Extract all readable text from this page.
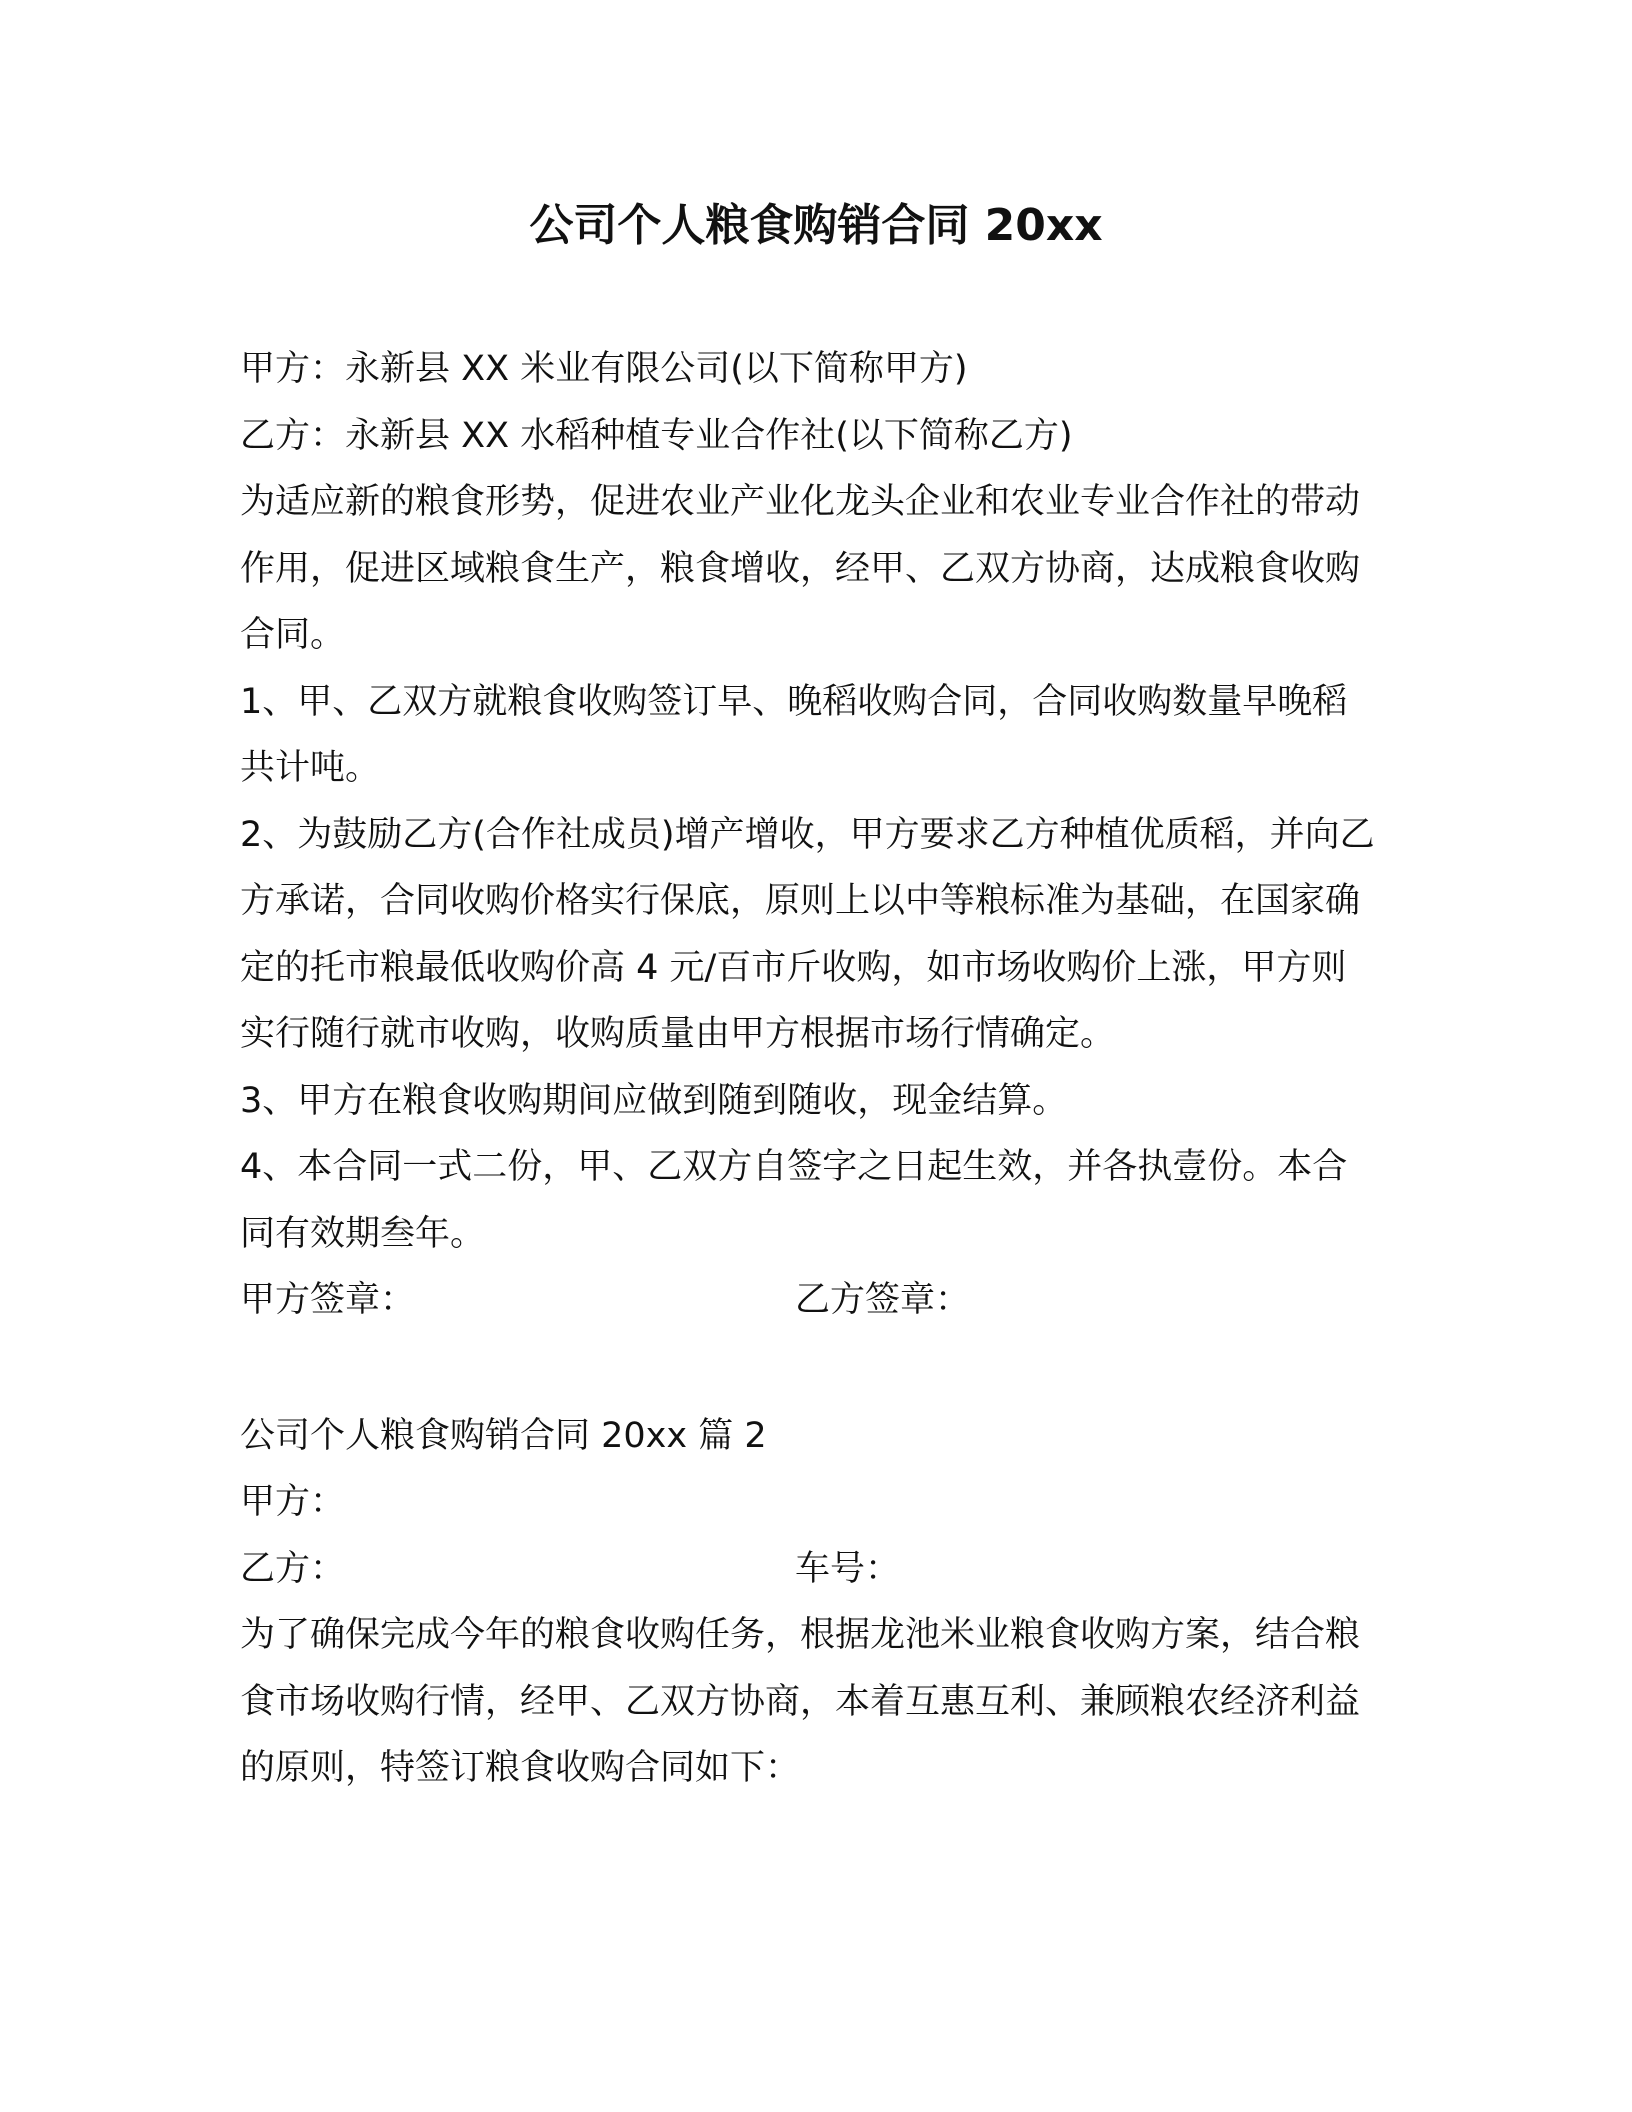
公司个人粮食购销合同 20xx

甲方：永新县 XX 米业有限公司(以下简称甲方)

乙方：永新县 XX 水稻种植专业合作社(以下简称乙方)

为适应新的粮食形势，促进农业产业化龙头企业和农业专业合作社的带动作用，促进区域粮食生产，粮食增收，经甲、乙双方协商，达成粮食收购合同。

1、甲、乙双方就粮食收购签订早、晚稻收购合同，合同收购数量早晚稻共计吨。

2、为鼓励乙方(合作社成员)增产增收，甲方要求乙方种植优质稻，并向乙方承诺，合同收购价格实行保底，原则上以中等粮标准为基础，在国家确定的托市粮最低收购价高 4 元/百市斤收购，如市场收购价上涨，甲方则实行随行就市收购，收购质量由甲方根据市场行情确定。

3、甲方在粮食收购期间应做到随到随收，现金结算。

4、本合同一式二份，甲、乙双方自签字之日起生效，并各执壹份。本合同有效期叁年。

甲方签章：	乙方签章：

公司个人粮食购销合同 20xx 篇 2

甲方：

乙方：	车号：

为了确保完成今年的粮食收购任务，根据龙池米业粮食收购方案，结合粮食市场收购行情，经甲、乙双方协商，本着互惠互利、兼顾粮农经济利益的原则，特签订粮食收购合同如下：
